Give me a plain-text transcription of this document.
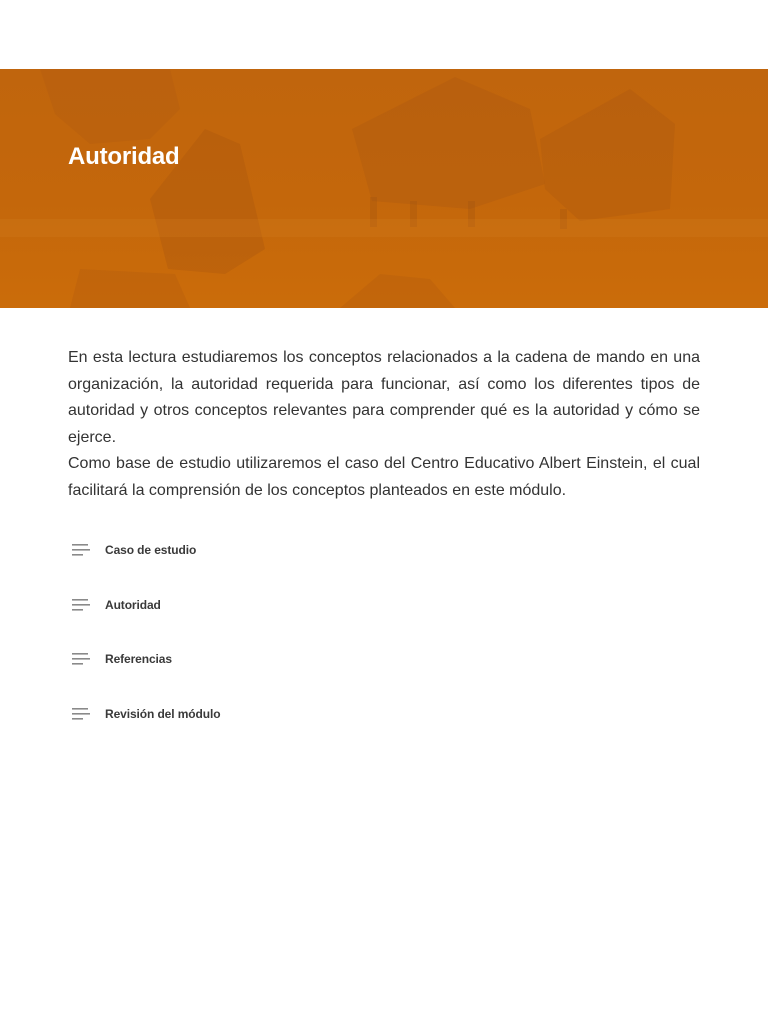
Autoridad

En esta lectura estudiaremos los conceptos relacionados a la cadena de mando en una organización, la autoridad requerida para funcionar, así como los diferentes tipos de autoridad y otros conceptos relevantes para comprender qué es la autoridad y cómo se ejerce.

Como base de estudio utilizaremos el caso del Centro Educativo Albert Einstein, el cual facilitará la comprensión de los conceptos planteados en este módulo.

Caso de estudio
Autoridad
Referencias
Revisión del módulo
